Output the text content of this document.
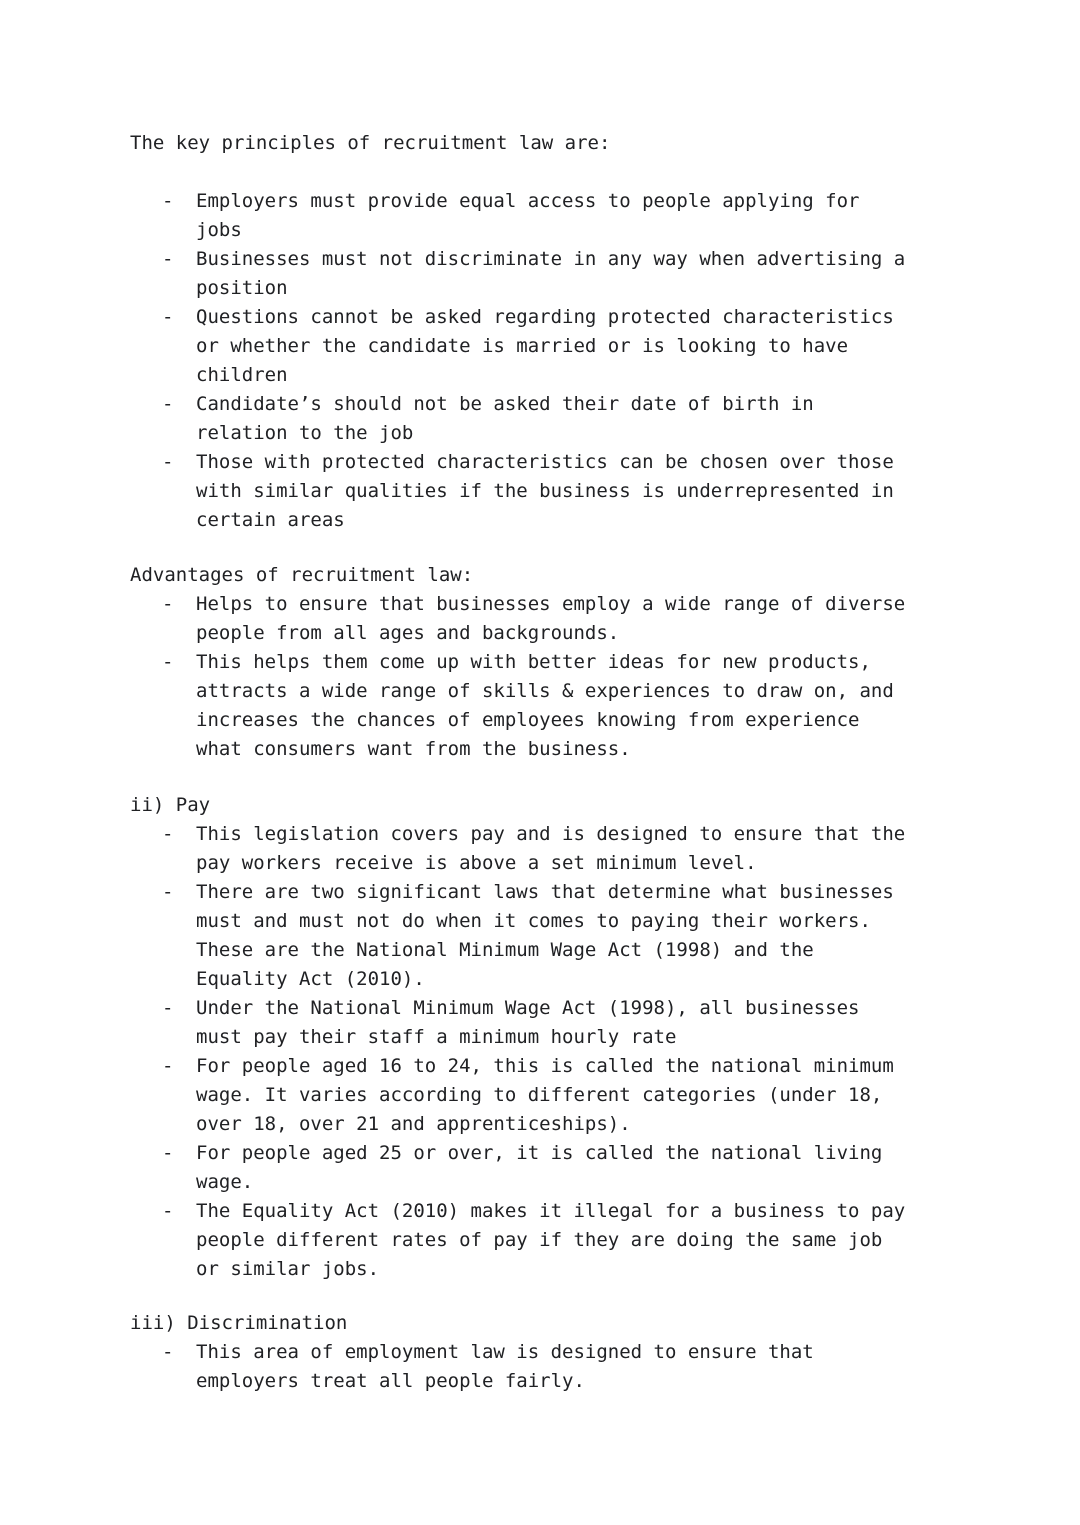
The key principles of recruitment law are:
-	Employers must provide equal access to people applying for
jobs
-	Businesses must not discriminate in any way when advertising a
position
-	Questions cannot be asked regarding protected characteristics
or whether the candidate is married or is looking to have
children
-	Candidate’s should not be asked their date of birth in
relation to the job
-	Those with protected characteristics can be chosen over those
with similar qualities if the business is underrepresented in
certain areas
Advantages of recruitment law:
-	Helps to ensure that businesses employ a wide range of diverse
people from all ages and backgrounds.
-	This helps them come up with better ideas for new products,
attracts a wide range of skills & experiences to draw on, and
increases the chances of employees knowing from experience
what consumers want from the business.
ii) Pay
-	This legislation covers pay and is designed to ensure that the
pay workers receive is above a set minimum level.
-	There are two significant laws that determine what businesses
must and must not do when it comes to paying their workers.
These are the National Minimum Wage Act (1998) and the
Equality Act (2010).
-	Under the National Minimum Wage Act (1998), all businesses
must pay their staff a minimum hourly rate
-	For people aged 16 to 24, this is called the national minimum
wage. It varies according to different categories (under 18,
over 18, over 21 and apprenticeships).
-	For people aged 25 or over, it is called the national living
wage.
-	The Equality Act (2010) makes it illegal for a business to pay
people different rates of pay if they are doing the same job
or similar jobs.
iii) Discrimination
-	This area of employment law is designed to ensure that
employers treat all people fairly.
